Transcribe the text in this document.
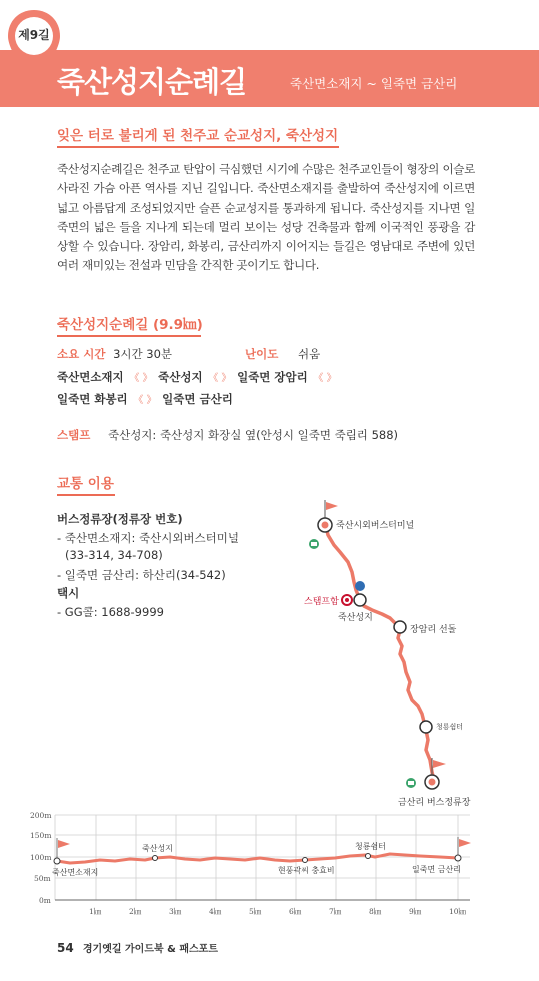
제9길
죽산성지순례길	죽산면소재지 ~ 일죽면 금산리
잊은 터로 불리게 된 천주교 순교성지, 죽산성지
죽산성지순례길은 천주교 탄압이 극심했던 시기에 수많은 천주교인들이 형장의 이슬로 사라진 가슴 아픈 역사를 지닌 길입니다. 죽산면소재지를 출발하여 죽산성지에 이르면 넓고 아름답게 조성되었지만 슬픈 순교성지를 통과하게 됩니다. 죽산성지를 지나면 일죽면의 넓은 들을 지나게 되는데 멀리 보이는 성당 건축물과 함께 이국적인 풍광을 감상할 수 있습니다. 장암리, 화봉리, 금산리까지 이어지는 들길은 영남대로 주변에 있던 여러 재미있는 전설과 민담을 간직한 곳이기도 합니다.
죽산성지순례길 (9.9㎞)
소요 시간 3시간 30분	난이도 쉬움
죽산면소재지 《 》 죽산성지 《 》 일죽면 장암리 《 》
일죽면 화봉리 《 》 일죽면 금산리
스탬프 죽산성지: 죽산성지 화장실 옆(안성시 일죽면 죽림리 588)
교통 이용
버스정류장(정류장 번호)
- 죽산면소재지: 죽산시외버스터미널
(33-314, 34-708)
- 일죽면 금산리: 하산리(34-542)
택시
- GG콜: 1688-9999
죽산시외버스터미널
스탬프함
죽산성지
장암리 선돌
청룡쉼터
금산리 버스정류장
200m
150m
100m
50m
0m
1㎞	2㎞	3㎞	4㎞	5㎞	6㎞	7㎞	8㎞	9㎞	10㎞
죽산면소재지
죽산성지
현풍곽씨 충효비
청룡쉼터
일죽면 금산리
54 경기옛길 가이드북 & 패스포트
